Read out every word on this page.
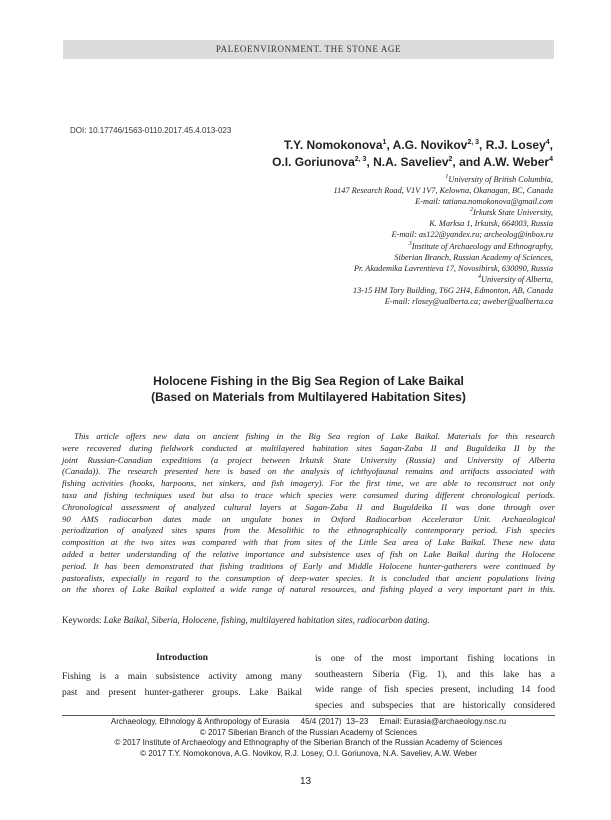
PALEOENVIRONMENT. THE STONE AGE
DOI: 10.17746/1563-0110.2017.45.4.013-023
T.Y. Nomokonova$^1$, A.G. Novikov$^{2, 3}$, R.J. Losey$^4$,
O.I. Goriunova$^{2, 3}$, N.A. Saveliev$^2$, and A.W. Weber$^4$
$^1$University of British Columbia,
1147 Research Road, V1V 1V7, Kelowna, Okanagan, BC, Canada
E-mail: tatiana.nomokonova@gmail.com
$^2$Irkutsk State University,
K. Marksa 1, Irkutsk, 664003, Russia
E-mail: as122@yandex.ru; archeolog@inbox.ru
$^3$Institute of Archaeology and Ethnography,
Siberian Branch, Russian Academy of Sciences,
Pr. Akademika Lavrentieva 17, Novosibirsk, 630090, Russia
$^4$University of Alberta,
13-15 HM Tory Building, T6G 2H4, Edmonton, AB, Canada
E-mail: rlosey@ualberta.ca; aweber@ualberta.ca
Holocene Fishing in the Big Sea Region of Lake Baikal
(Based on Materials from Multilayered Habitation Sites)
This article offers new data on ancient fishing in the Big Sea region of Lake Baikal. Materials for this research
were recovered during fieldwork conducted at multilayered habitation sites Sagan-Zaba II and Buguldeika II by the
joint Russian-Canadian expeditions (a project between Irkutsk State University (Russia) and University of Alberta
(Canada)). The research presented here is based on the analysis of ichthyofaunal remains and artifacts associated with
fishing activities (hooks, harpoons, net sinkers, and fish imagery). For the first time, we are able to reconstruct not only
taxa and fishing techniques used but also to trace which species were consumed during different chronological periods.
Chronological assessment of analyzed cultural layers at Sagan-Zaba II and Buguldeika II was done through over
90 AMS radiocarbon dates made on ungulate bones in Oxford Radiocarbon Accelerator Unit. Archaeological
periodization of analyzed sites spans from the Mesolithic to the ethnographically contemporary period. Fish species
composition at the two sites was compared with that from sites of the Little Sea area of Lake Baikal. These new data
added a better understanding of the relative importance and subsistence uses of fish on Lake Baikal during the Holocene
period. It has been demonstrated that fishing traditions of Early and Middle Holocene hunter-gatherers were continued by
pastoralists, especially in regard to the consumption of deep-water species. It is concluded that ancient populations living
on the shores of Lake Baikal exploited a wide range of natural resources, and fishing played a very important part in this.
Keywords: Lake Baikal, Siberia, Holocene, fishing, multilayered habitation sites, radiocarbon dating.
Introduction
Fishing is a main subsistence activity among many
past and present hunter-gatherer groups. Lake Baikal
is one of the most important fishing locations in
southeastern Siberia (Fig. 1), and this lake has a
wide range of fish species present, including 14 food
species and subspecies that are historically considered
Archaeology, Ethnology & Anthropology of Eurasia     45/4 (2017)  13–23     Email: Eurasia@archaeology.nsc.ru
© 2017 Siberian Branch of the Russian Academy of Sciences
© 2017 Institute of Archaeology and Ethnography of the Siberian Branch of the Russian Academy of Sciences
© 2017 T.Y. Nomokonova, A.G. Novikov, R.J. Losey, O.I. Goriunova, N.A. Saveliev, A.W. Weber
13
